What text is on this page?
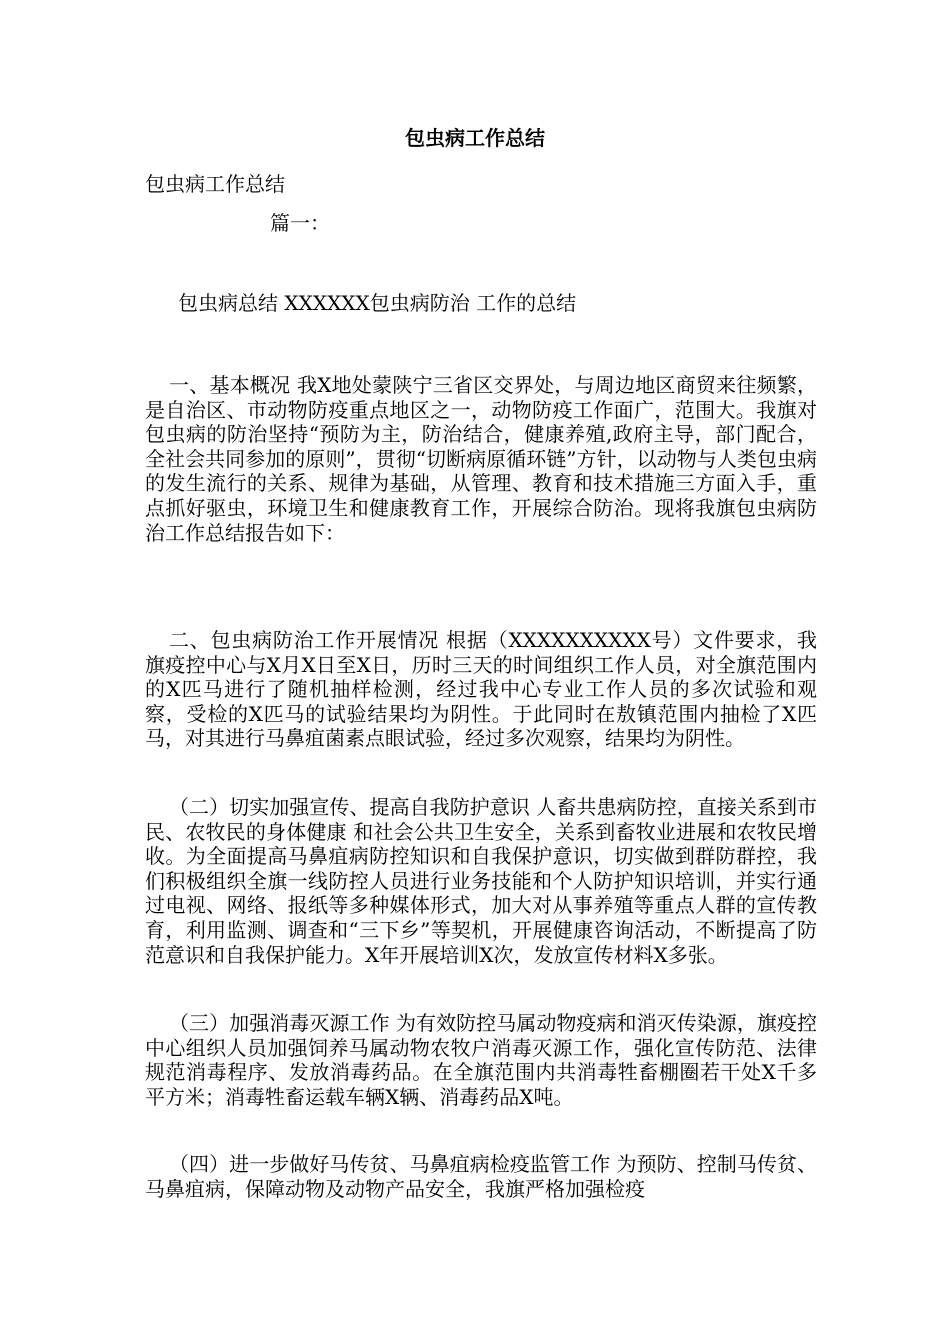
包虫病工作总结
包虫病工作总结
篇一：
包虫病总结 XXXXXX包虫病防治 工作的总结
一、基本概况 我X地处蒙陕宁三省区交界处，与周边地区商贸来往频繁，是自治区、市动物防疫重点地区之一，动物防疫工作面广，范围大。我旗对包虫病的防治坚持“预防为主，防治结合，健康养殖,政府主导，部门配合，全社会共同参加的原则”，贯彻“切断病原循环链”方针，以动物与人类包虫病的发生流行的关系、规律为基础，从管理、教育和技术措施三方面入手，重点抓好驱虫，环境卫生和健康教育工作，开展综合防治。现将我旗包虫病防治工作总结报告如下：
二、包虫病防治工作开展情况 根据（XXXXXXXXXX号）文件要求，我旗疫控中心与X月X日至X日，历时三天的时间组织工作人员，对全旗范围内的X匹马进行了随机抽样检测，经过我中心专业工作人员的多次试验和观察，受检的X匹马的试验结果均为阴性。于此同时在敖镇范围内抽检了X匹马，对其进行马鼻疽菌素点眼试验，经过多次观察，结果均为阴性。
（二）切实加强宣传、提高自我防护意识 人畜共患病防控，直接关系到市民、农牧民的身体健康 和社会公共卫生安全，关系到畜牧业进展和农牧民增收。为全面提高马鼻疽病防控知识和自我保护意识，切实做到群防群控，我们积极组织全旗一线防控人员进行业务技能和个人防护知识培训，并实行通过电视、网络、报纸等多种媒体形式，加大对从事养殖等重点人群的宣传教育，利用监测、调查和“三下乡”等契机，开展健康咨询活动，不断提高了防范意识和自我保护能力。X年开展培训X次，发放宣传材料X多张。
（三）加强消毒灭源工作 为有效防控马属动物疫病和消灭传染源，旗疫控中心组织人员加强饲养马属动物农牧户消毒灭源工作，强化宣传防范、法律规范消毒程序、发放消毒药品。在全旗范围内共消毒牲畜棚圈若干处X千多平方米；消毒牲畜运载车辆X辆、消毒药品X吨。
（四）进一步做好马传贫、马鼻疽病检疫监管工作 为预防、控制马传贫、马鼻疽病，保障动物及动物产品安全，我旗严格加强检疫
